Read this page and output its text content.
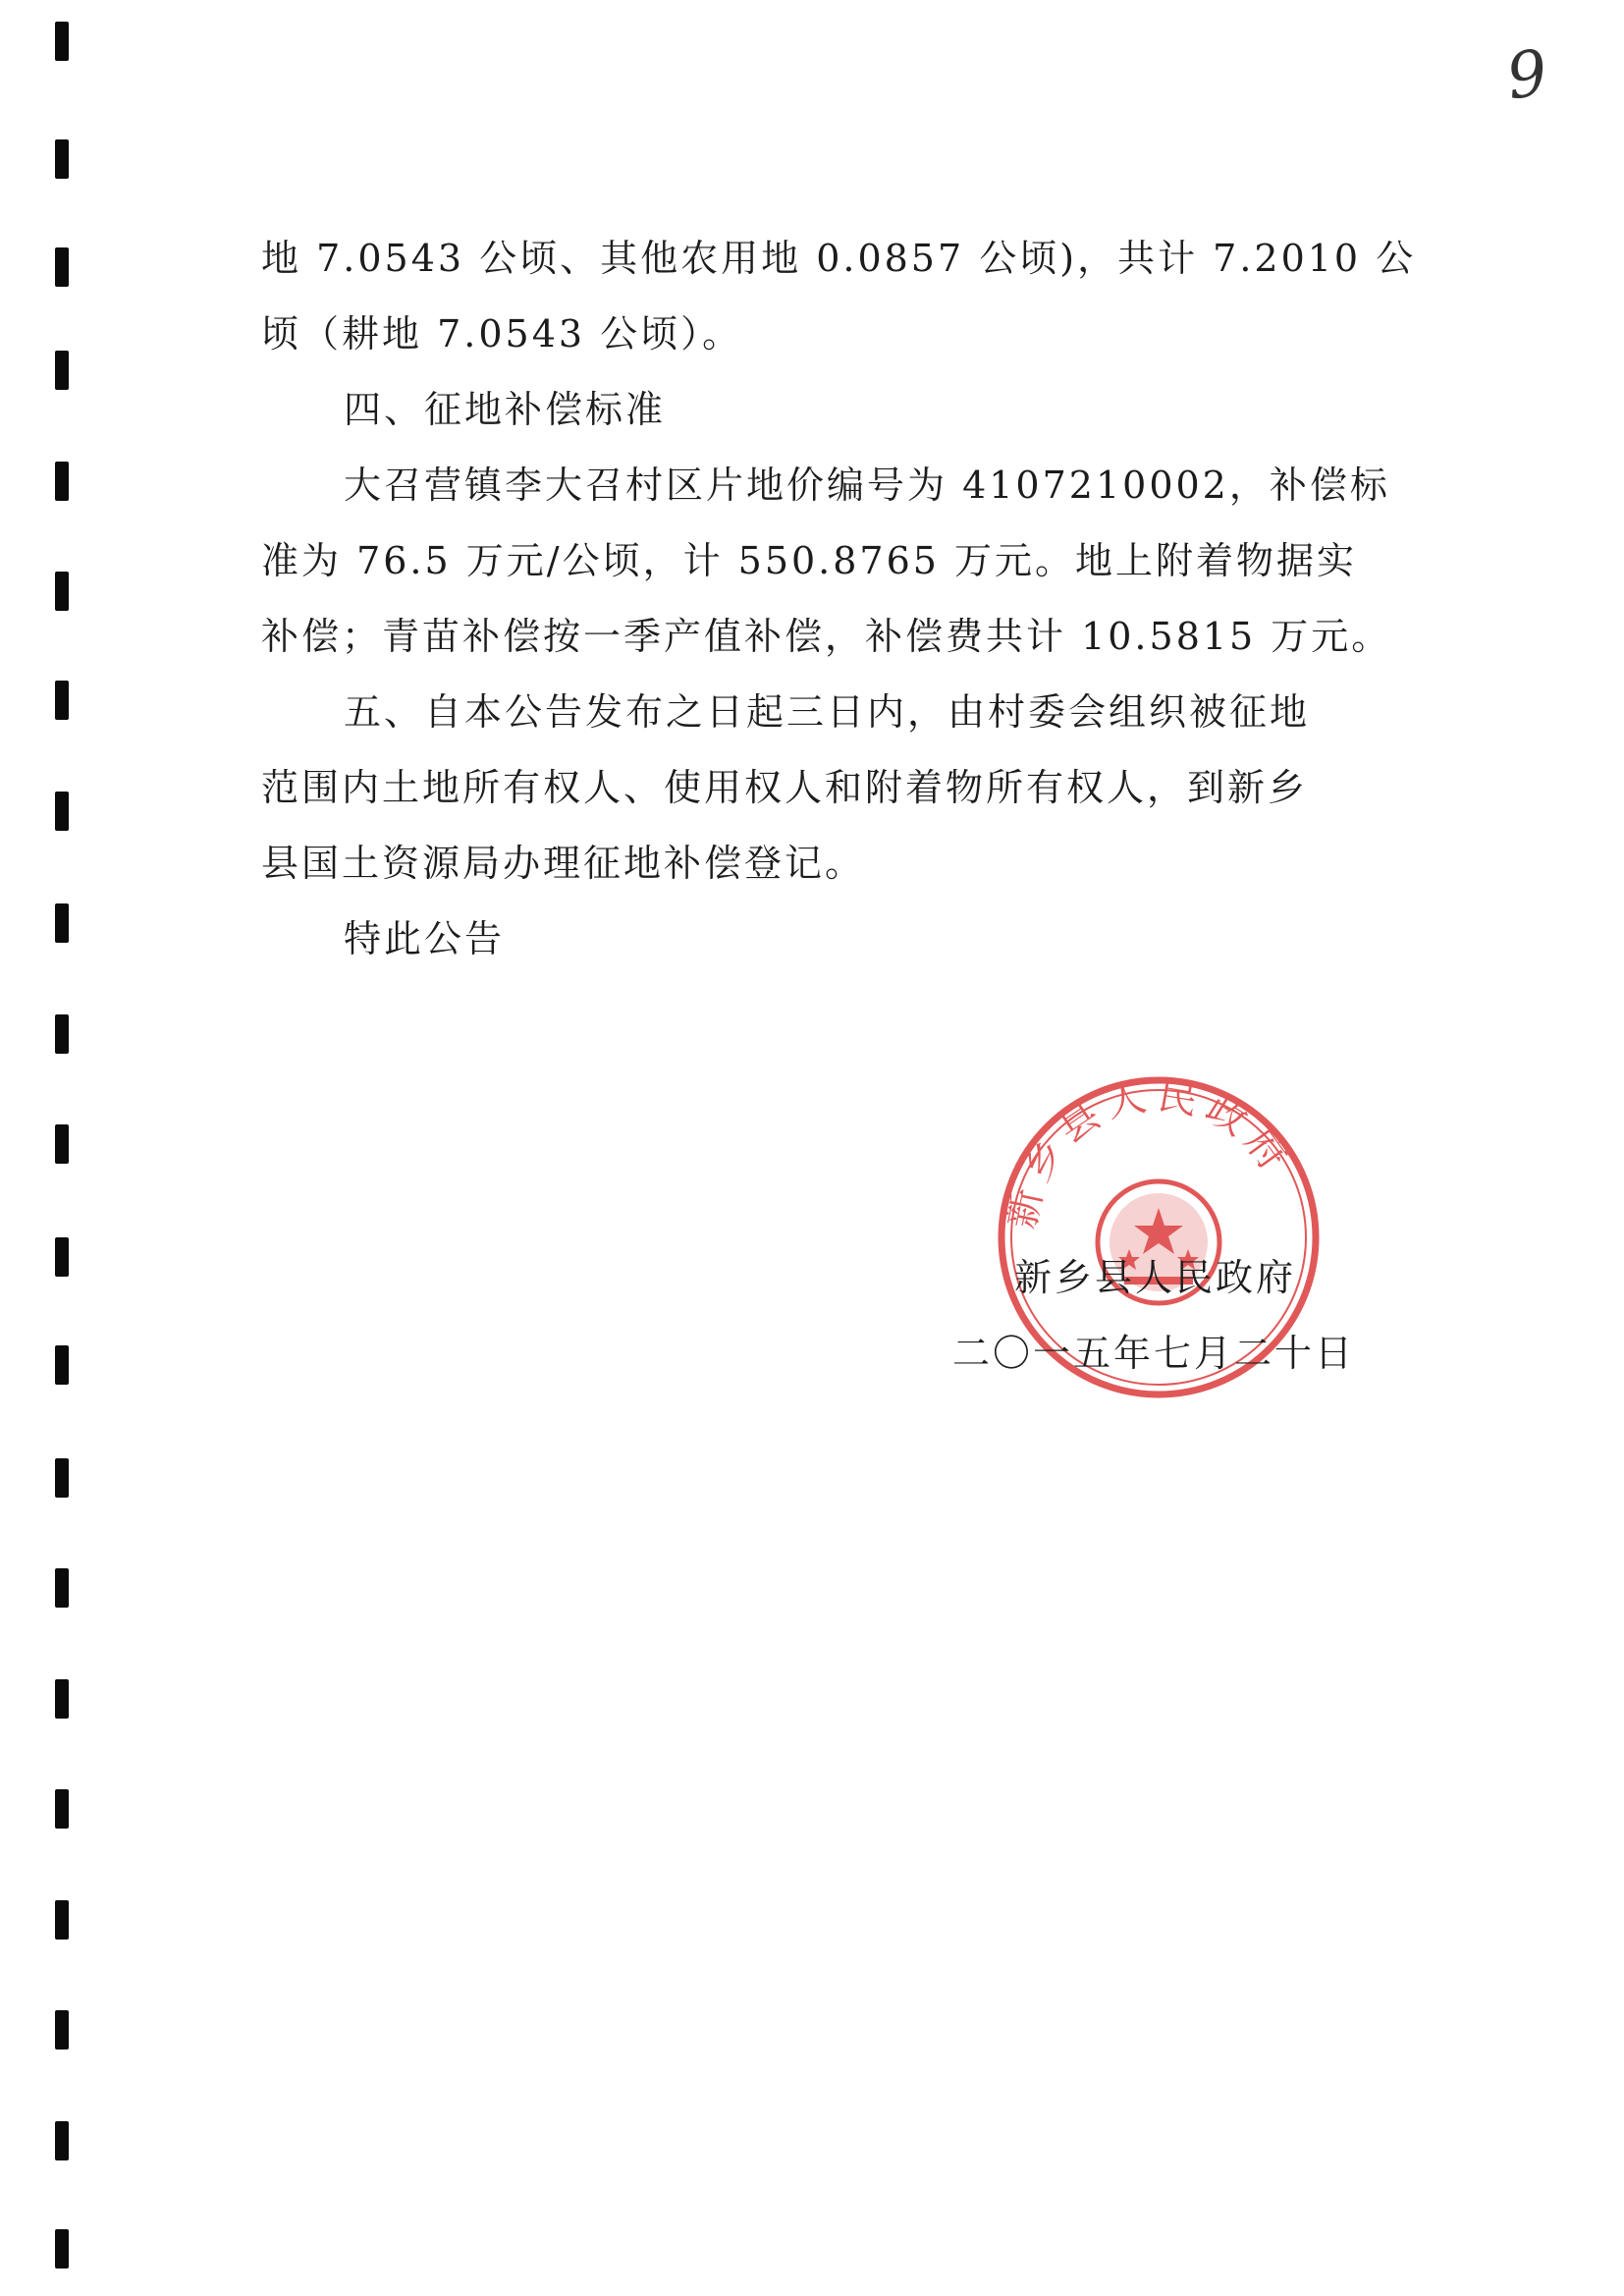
9
地 7.0543 公顷、其他农用地 0.0857 公顷)，共计 7.2010 公
顷（耕地 7.0543 公顷）。
四、征地补偿标准
大召营镇李大召村区片地价编号为 4107210002，补偿标
准为 76.5 万元/公顷，计 550.8765 万元。地上附着物据实
补偿；青苗补偿按一季产值补偿，补偿费共计 10.5815 万元。
五、自本公告发布之日起三日内，由村委会组织被征地
范围内土地所有权人、使用权人和附着物所有权人，到新乡
县国土资源局办理征地补偿登记。
特此公告
新乡县人民政府
新乡县人民政府
二〇一五年七月二十日
